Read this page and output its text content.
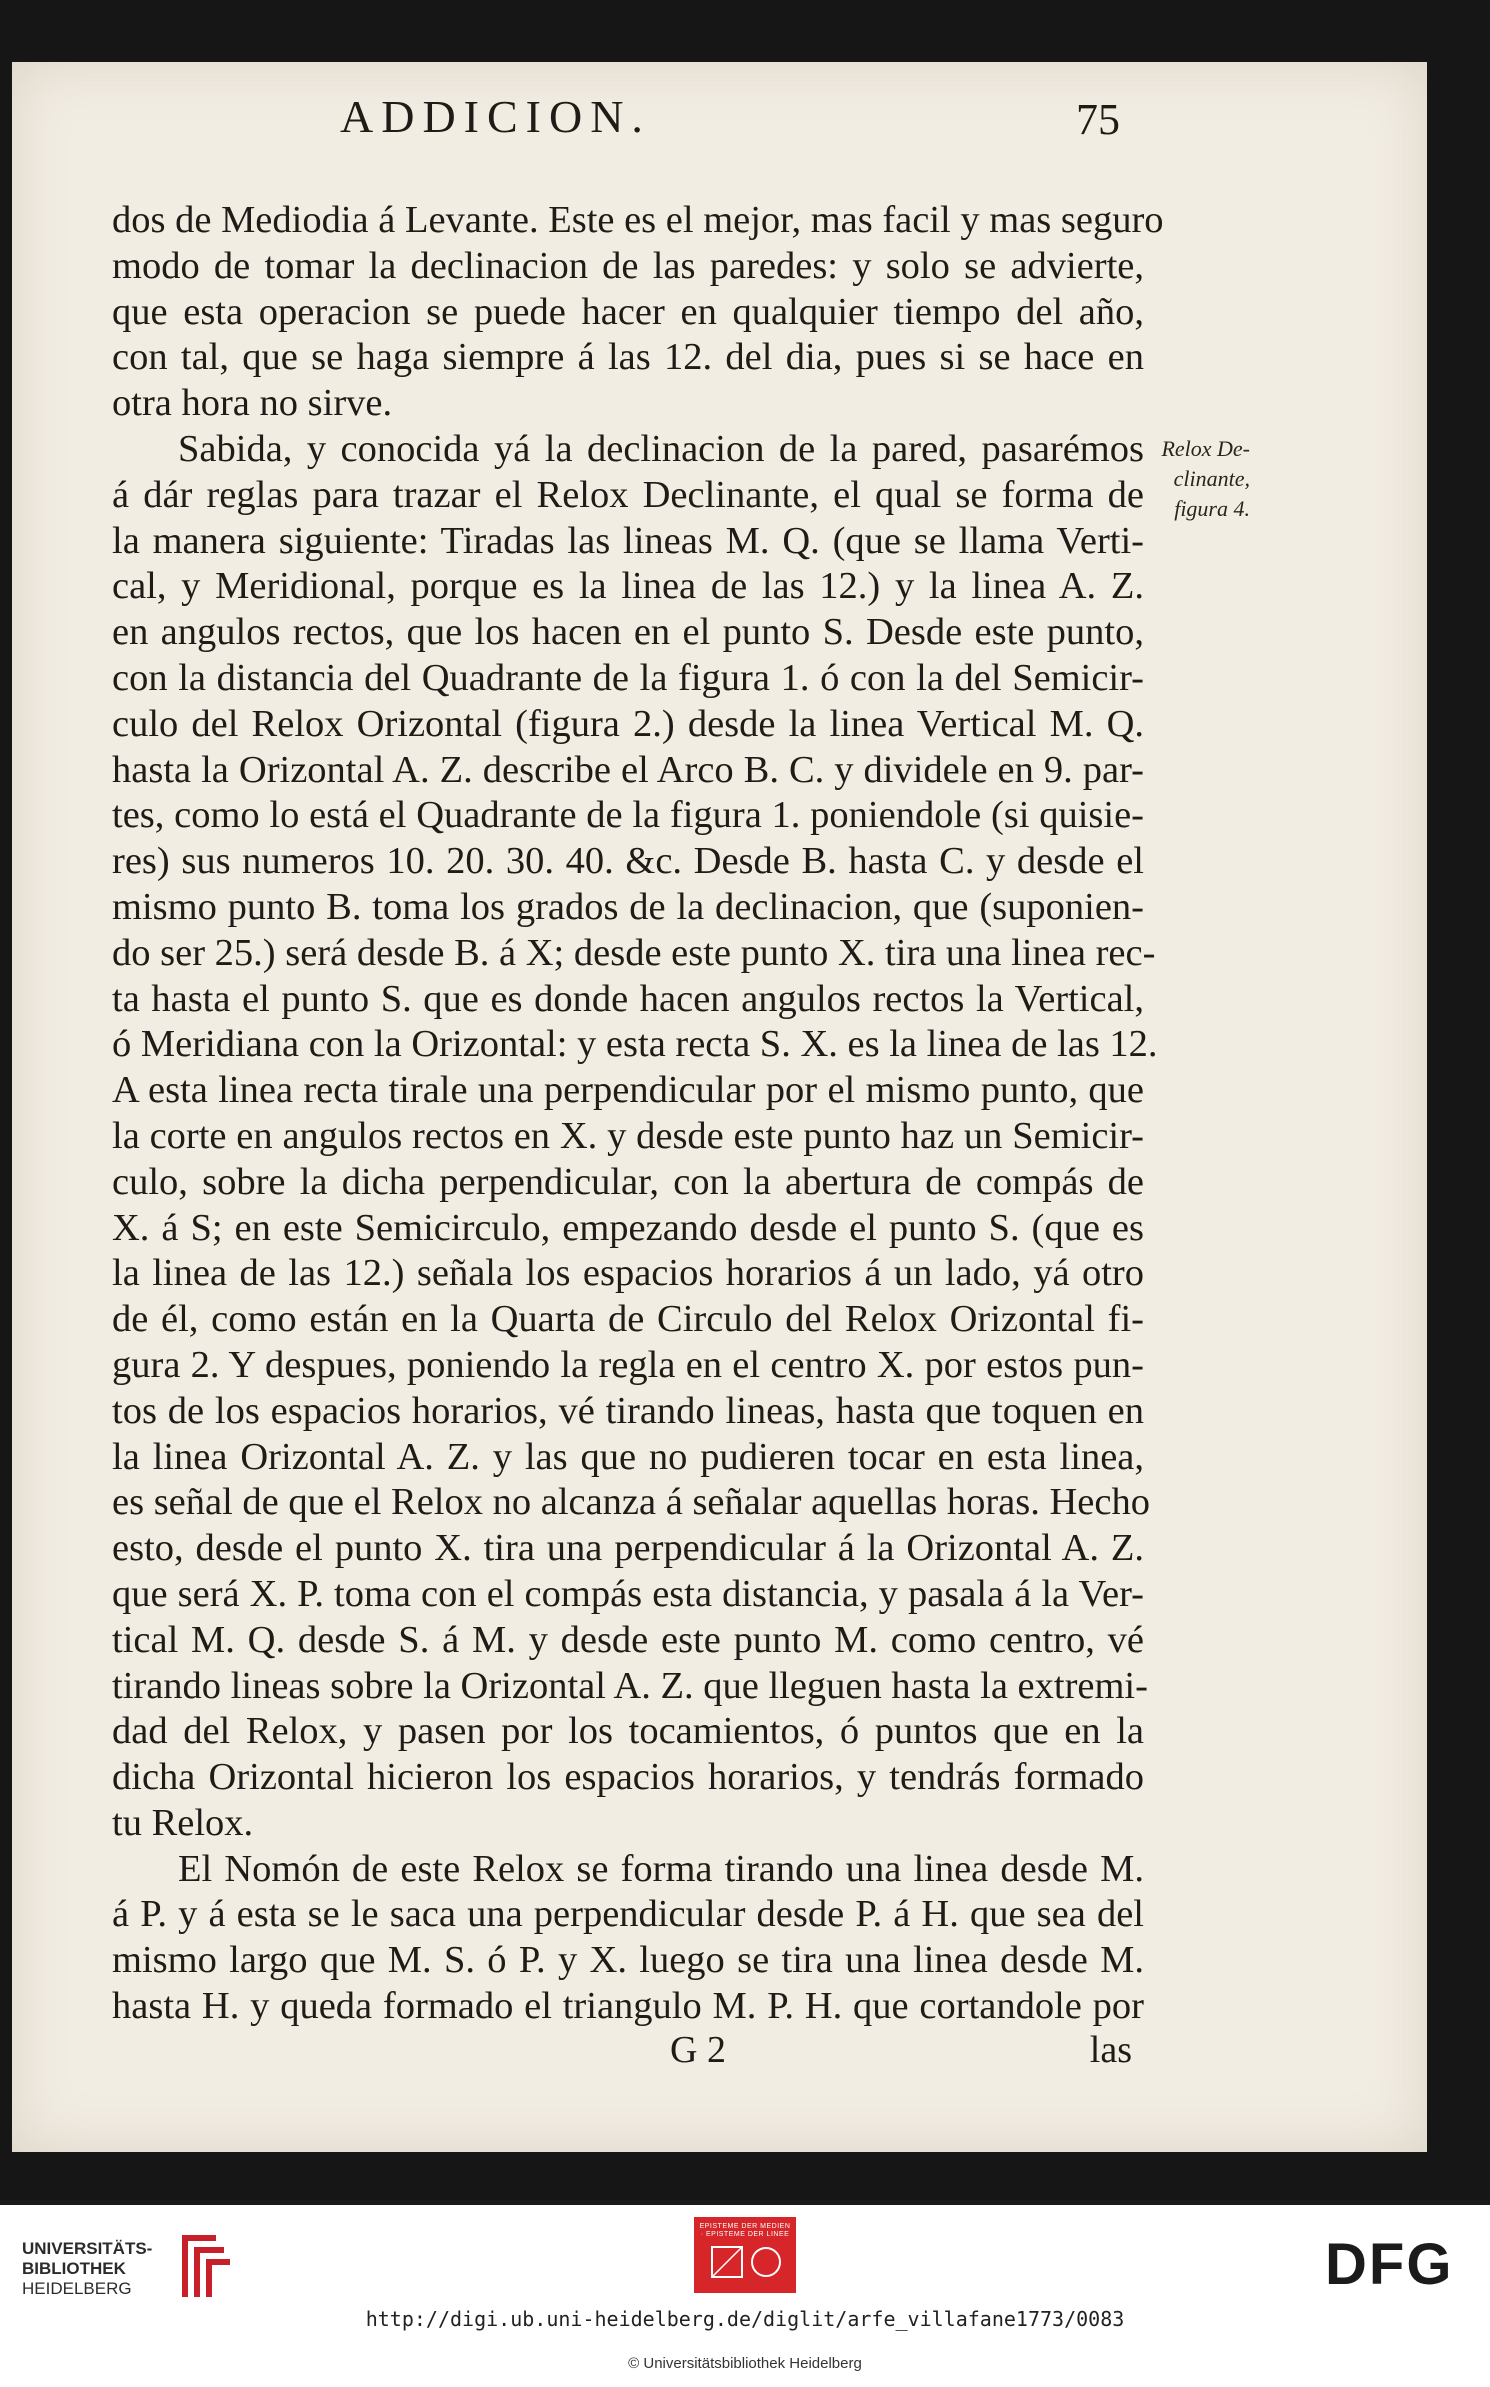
ADDICION.	75
Relox De-
clinante,
figura 4.
dos de Mediodia á Levante. Este es el mejor, mas facil y mas seguro
modo de tomar la declinacion de las paredes: y solo se advierte,
que esta operacion se puede hacer en qualquier tiempo del año,
con tal, que se haga siempre á las 12. del dia, pues si se hace en
otra hora no sirve.
Sabida, y conocida yá la declinacion de la pared, pasarémos
á dár reglas para trazar el Relox Declinante, el qual se forma de
la manera siguiente: Tiradas las lineas M. Q. (que se llama Verti-
cal, y Meridional, porque es la linea de las 12.) y la linea A. Z.
en angulos rectos, que los hacen en el punto S. Desde este punto,
con la distancia del Quadrante de la figura 1. ó con la del Semicir-
culo del Relox Orizontal (figura 2.) desde la linea Vertical M. Q.
hasta la Orizontal A. Z. describe el Arco B. C. y dividele en 9. par-
tes, como lo está el Quadrante de la figura 1. poniendole (si quisie-
res) sus numeros 10. 20. 30. 40. &c. Desde B. hasta C. y desde el
mismo punto B. toma los grados de la declinacion, que (suponien-
do ser 25.) será desde B. á X; desde este punto X. tira una linea rec-
ta hasta el punto S. que es donde hacen angulos rectos la Vertical,
ó Meridiana con la Orizontal: y esta recta S. X. es la linea de las 12.
A esta linea recta tirale una perpendicular por el mismo punto, que
la corte en angulos rectos en X. y desde este punto haz un Semicir-
culo, sobre la dicha perpendicular, con la abertura de compás de
X. á S; en este Semicirculo, empezando desde el punto S. (que es
la linea de las 12.) señala los espacios horarios á un lado, yá otro
de él, como están en la Quarta de Circulo del Relox Orizontal fi-
gura 2. Y despues, poniendo la regla en el centro X. por estos pun-
tos de los espacios horarios, vé tirando lineas, hasta que toquen en
la linea Orizontal A. Z. y las que no pudieren tocar en esta linea,
es señal de que el Relox no alcanza á señalar aquellas horas. Hecho
esto, desde el punto X. tira una perpendicular á la Orizontal A. Z.
que será X. P. toma con el compás esta distancia, y pasala á la Ver-
tical M. Q. desde S. á M. y desde este punto M. como centro, vé
tirando lineas sobre la Orizontal A. Z. que lleguen hasta la extremi-
dad del Relox, y pasen por los tocamientos, ó puntos que en la
dicha Orizontal hicieron los espacios horarios, y tendrás formado
tu Relox.
El Nomón de este Relox se forma tirando una linea desde M.
á P. y á esta se le saca una perpendicular desde P. á H. que sea del
mismo largo que M. S. ó P. y X. luego se tira una linea desde M.
hasta H. y queda formado el triangulo M. P. H. que cortandole por
G 2	las
UNIVERSITÄTS-
BIBLIOTHEK
HEIDELBERG
EPISTEME DER MEDIEN · EPISTEME DER LINEE	DFG
http://digi.ub.uni-heidelberg.de/diglit/arfe_villafane1773/0083
© Universitätsbibliothek Heidelberg
